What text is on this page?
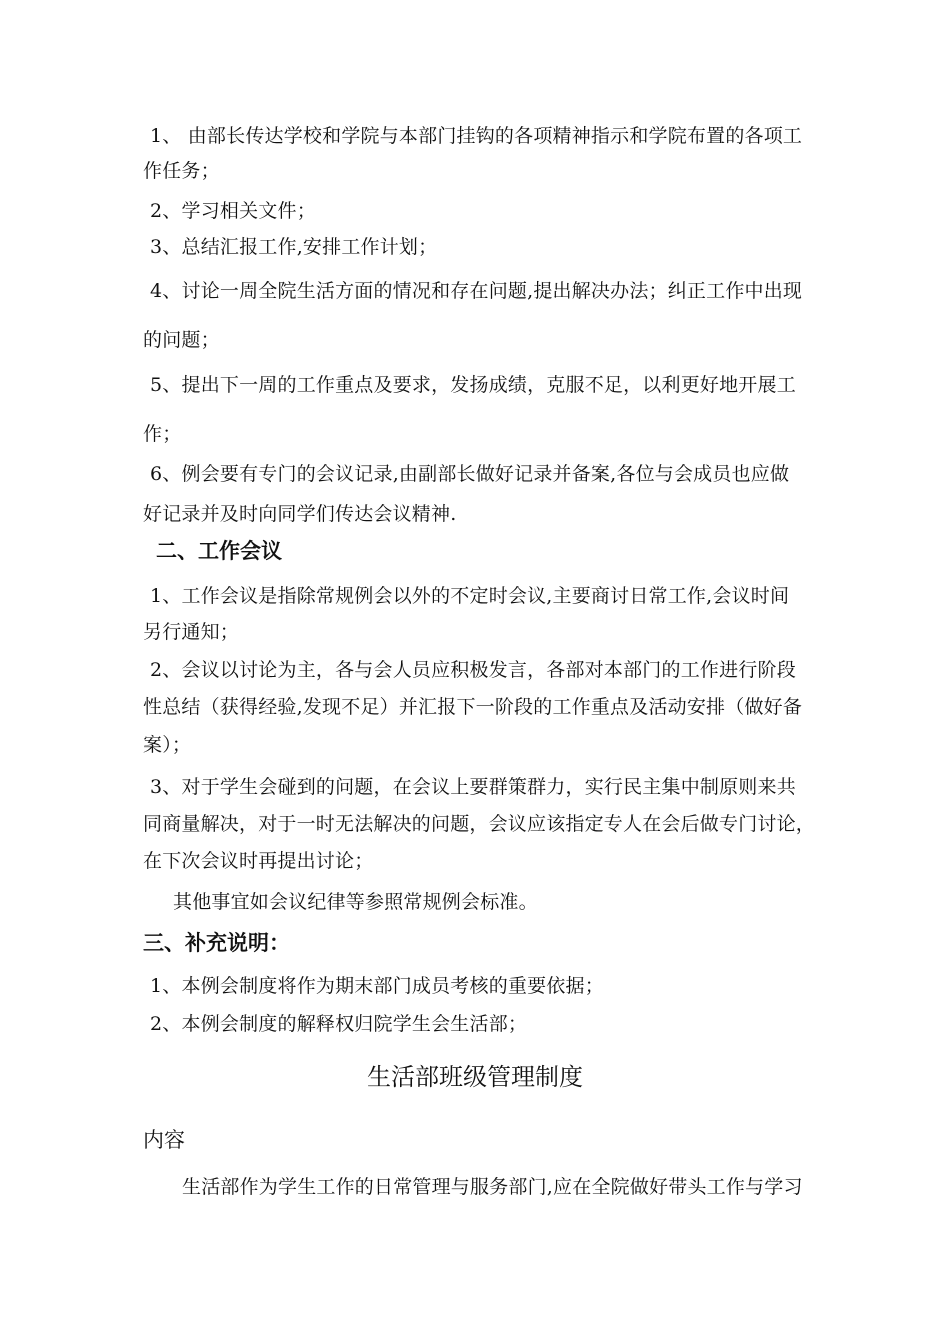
1、 由部长传达学校和学院与本部门挂钩的各项精神指示和学院布置的各项工
作任务；
2、学习相关文件；
3、总结汇报工作,安排工作计划；
4、讨论一周全院生活方面的情况和存在问题,提出解决办法；纠正工作中出现
的问题；
5、提出下一周的工作重点及要求，发扬成绩，克服不足，以利更好地开展工
作；
6、例会要有专门的会议记录,由副部长做好记录并备案,各位与会成员也应做
好记录并及时向同学们传达会议精神.
二、工作会议
1、工作会议是指除常规例会以外的不定时会议,主要商讨日常工作,会议时间
另行通知；
2、会议以讨论为主，各与会人员应积极发言，各部对本部门的工作进行阶段
性总结（获得经验,发现不足）并汇报下一阶段的工作重点及活动安排（做好备
案）；
3、对于学生会碰到的问题，在会议上要群策群力，实行民主集中制原则来共
同商量解决，对于一时无法解决的问题，会议应该指定专人在会后做专门讨论，
在下次会议时再提出讨论；
其他事宜如会议纪律等参照常规例会标准。
三、补充说明：
1、本例会制度将作为期末部门成员考核的重要依据；
2、本例会制度的解释权归院学生会生活部；
生活部班级管理制度
内容
生活部作为学生工作的日常管理与服务部门,应在全院做好带头工作与学习
